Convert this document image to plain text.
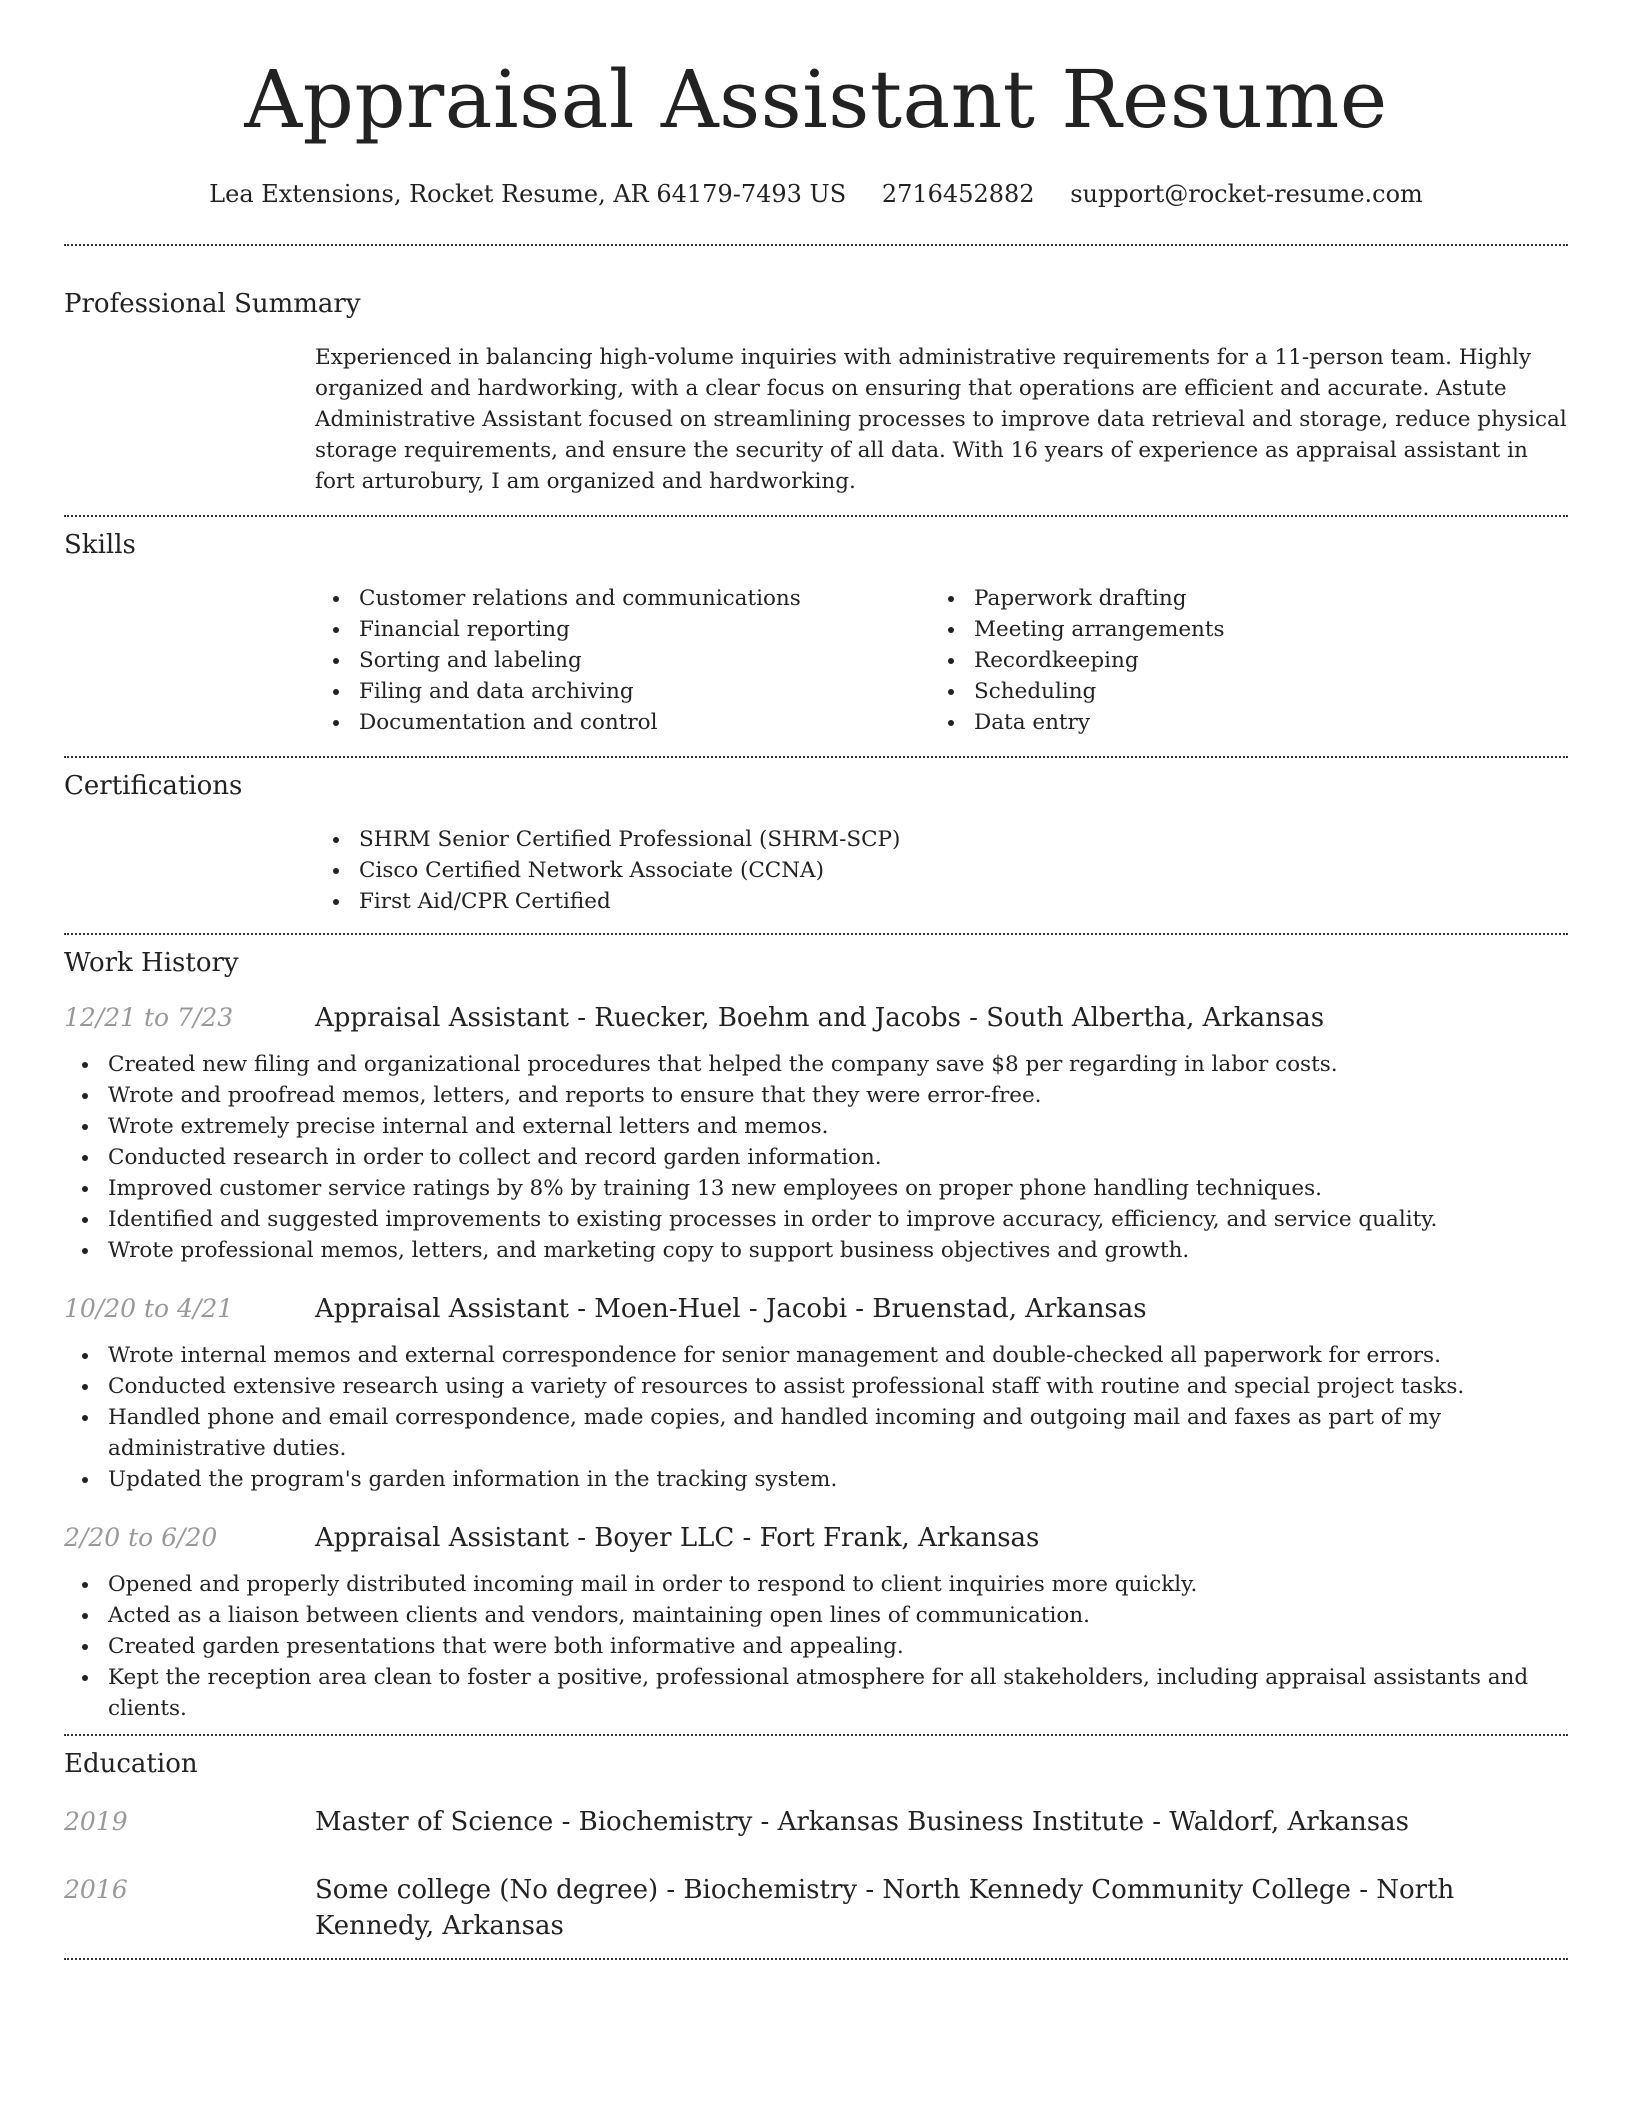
Appraisal Assistant Resume
Lea Extensions, Rocket Resume, AR 64179-7493 US 2716452882 support@rocket-resume.com
Professional Summary
Experienced in balancing high-volume inquiries with administrative requirements for a 11-person team. Highly organized and hardworking, with a clear focus on ensuring that operations are efficient and accurate. Astute Administrative Assistant focused on streamlining processes to improve data retrieval and storage, reduce physical storage requirements, and ensure the security of all data. With 16 years of experience as appraisal assistant in fort arturobury, I am organized and hardworking.
Skills
Customer relations and communications
Financial reporting
Sorting and labeling
Filing and data archiving
Documentation and control
Paperwork drafting
Meeting arrangements
Recordkeeping
Scheduling
Data entry
Certifications
SHRM Senior Certified Professional (SHRM-SCP)
Cisco Certified Network Associate (CCNA)
First Aid/CPR Certified
Work History
12/21 to 7/23	Appraisal Assistant - Ruecker, Boehm and Jacobs - South Albertha, Arkansas
Created new filing and organizational procedures that helped the company save $8 per regarding in labor costs.
Wrote and proofread memos, letters, and reports to ensure that they were error-free.
Wrote extremely precise internal and external letters and memos.
Conducted research in order to collect and record garden information.
Improved customer service ratings by 8% by training 13 new employees on proper phone handling techniques.
Identified and suggested improvements to existing processes in order to improve accuracy, efficiency, and service quality.
Wrote professional memos, letters, and marketing copy to support business objectives and growth.
10/20 to 4/21	Appraisal Assistant - Moen-Huel - Jacobi - Bruenstad, Arkansas
Wrote internal memos and external correspondence for senior management and double-checked all paperwork for errors.
Conducted extensive research using a variety of resources to assist professional staff with routine and special project tasks.
Handled phone and email correspondence, made copies, and handled incoming and outgoing mail and faxes as part of my administrative duties.
Updated the program's garden information in the tracking system.
2/20 to 6/20	Appraisal Assistant - Boyer LLC - Fort Frank, Arkansas
Opened and properly distributed incoming mail in order to respond to client inquiries more quickly.
Acted as a liaison between clients and vendors, maintaining open lines of communication.
Created garden presentations that were both informative and appealing.
Kept the reception area clean to foster a positive, professional atmosphere for all stakeholders, including appraisal assistants and clients.
Education
2019	Master of Science - Biochemistry - Arkansas Business Institute - Waldorf, Arkansas
2016	Some college (No degree) - Biochemistry - North Kennedy Community College - North Kennedy, Arkansas
